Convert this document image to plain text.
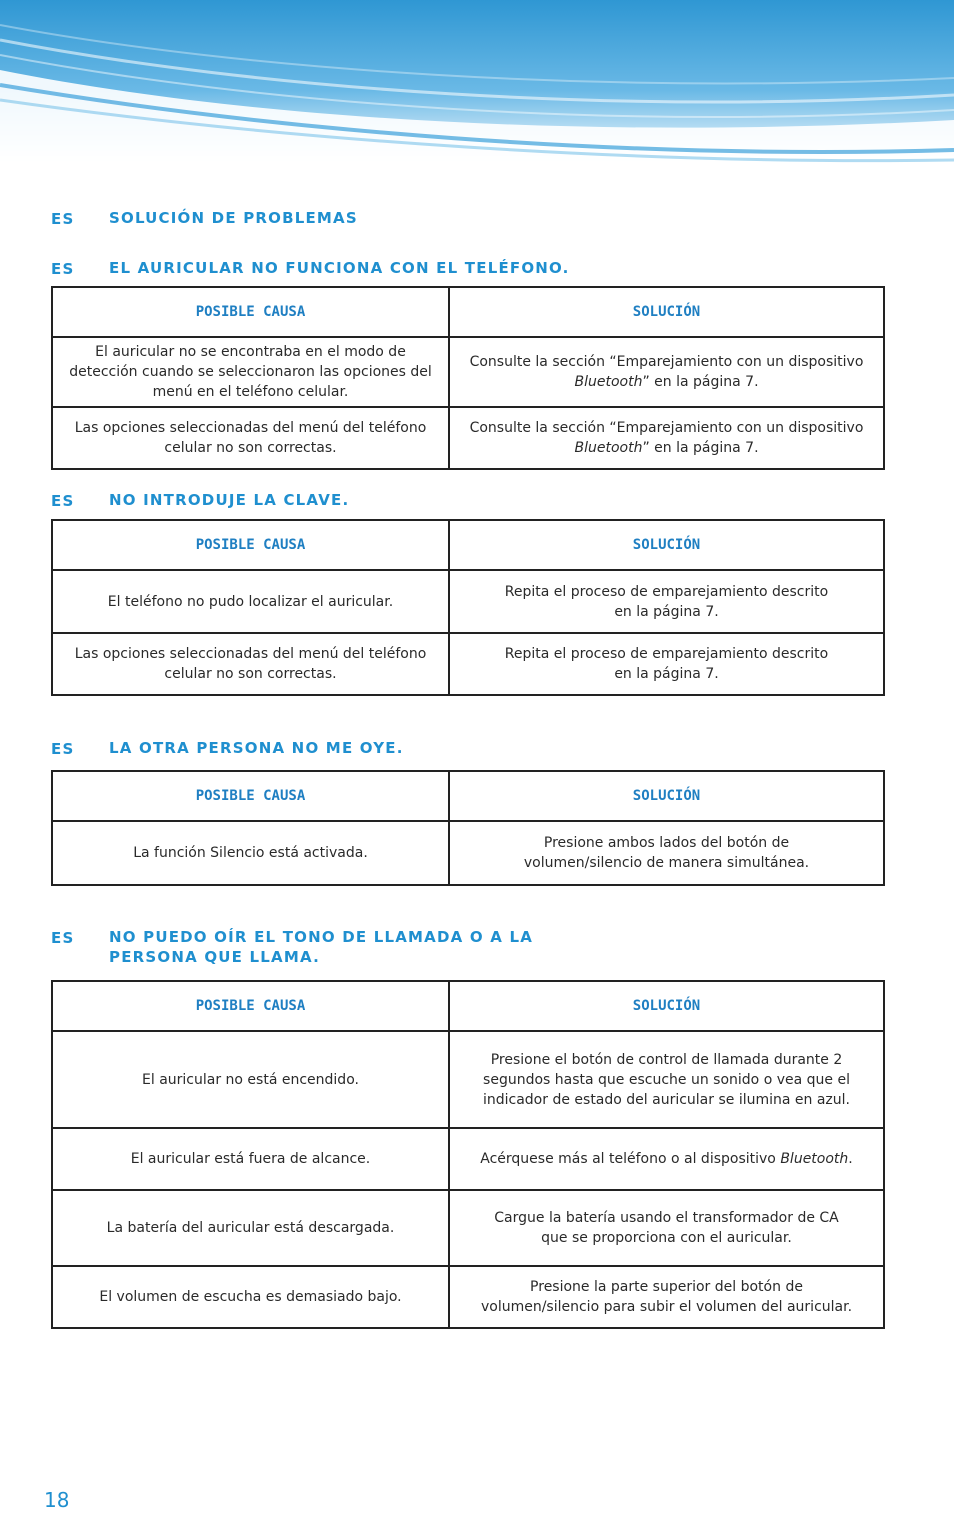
ES SOLUCIÓN DE PROBLEMAS
ES EL AURICULAR NO FUNCIONA CON EL TELÉFONO.
POSIBLE CAUSA	SOLUCIÓN
El auricular no se encontraba en el modo de detección cuando se seleccionaron las opciones del menú en el teléfono celular.	Consulte la sección “Emparejamiento con un dispositivo
Bluetooth” en la página 7.
Las opciones seleccionadas del menú del teléfono celular no son correctas.	Consulte la sección “Emparejamiento con un dispositivo
Bluetooth” en la página 7.
ES NO INTRODUJE LA CLAVE.
POSIBLE CAUSA	SOLUCIÓN
El teléfono no pudo localizar el auricular.	Repita el proceso de emparejamiento descrito
en la página 7.
Las opciones seleccionadas del menú del teléfono celular no son correctas.	Repita el proceso de emparejamiento descrito
en la página 7.
ES LA OTRA PERSONA NO ME OYE.
POSIBLE CAUSA	SOLUCIÓN
La función Silencio está activada.	Presione ambos lados del botón de
volumen/silencio de manera simultánea.
ES NO PUEDO OÍR EL TONO DE LLAMADA O A LA
PERSONA QUE LLAMA.
POSIBLE CAUSA	SOLUCIÓN
El auricular no está encendido.	Presione el botón de control de llamada durante 2 segundos hasta que escuche un sonido o vea que el indicador de estado del auricular se ilumina en azul.
El auricular está fuera de alcance.	Acérquese más al teléfono o al dispositivo Bluetooth.
La batería del auricular está descargada.	Cargue la batería usando el transformador de CA
que se proporciona con el auricular.
El volumen de escucha es demasiado bajo.	Presione la parte superior del botón de
volumen/silencio para subir el volumen del auricular.
18
